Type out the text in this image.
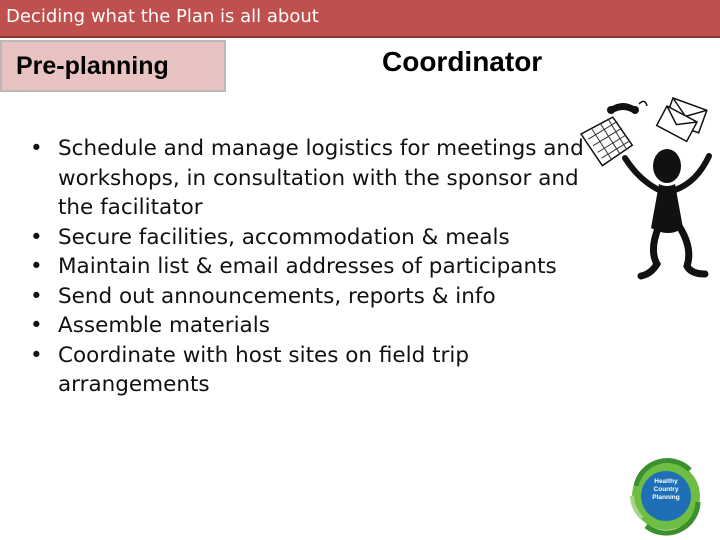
Deciding what the Plan is all about
Pre-planning	Coordinator
• Schedule and manage logistics for meetings and workshops, in consultation with the sponsor and the facilitator
• Secure facilities, accommodation & meals
• Maintain list & email addresses of participants
• Send out announcements, reports & info
• Assemble materials
• Coordinate with host sites on field trip arrangements
Healthy Country Planning
